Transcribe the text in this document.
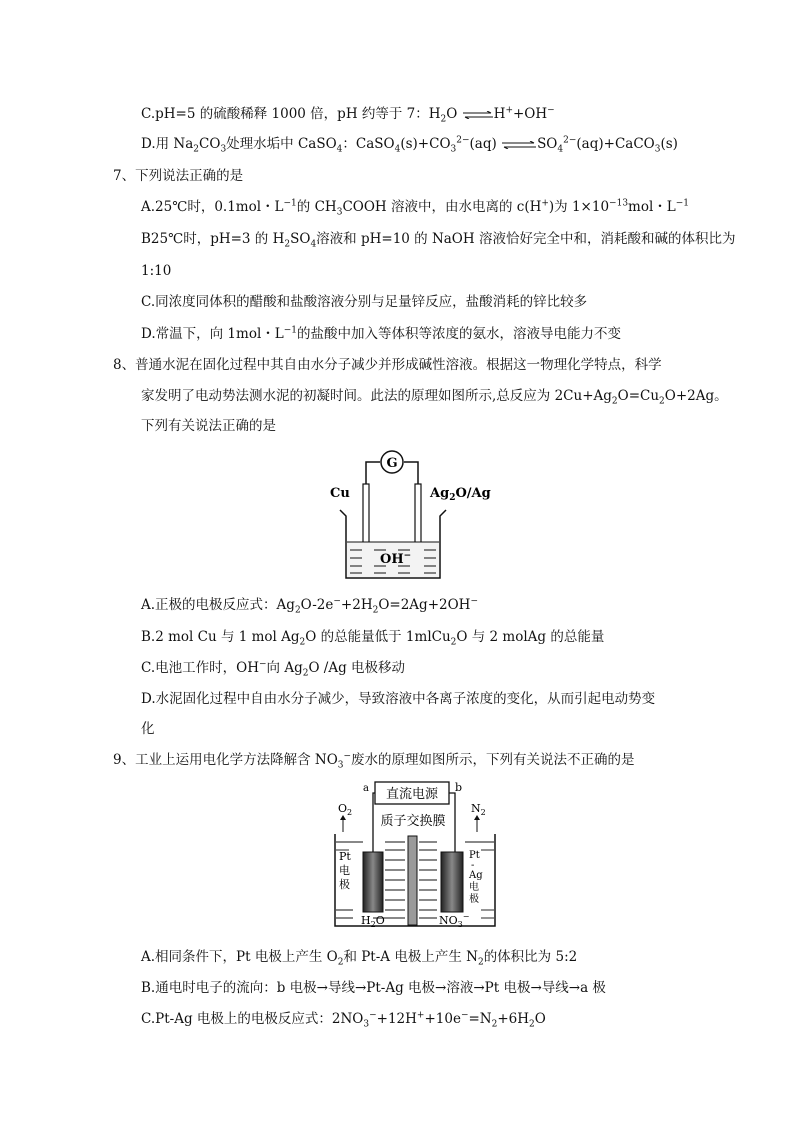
C.pH=5 的硫酸稀释 1000 倍，pH 约等于 7：$H_2O$ ⇌H++OH−
D.用 $Na_2CO_3$处理水垢中 CaSO$_4$：$CaSO_4(s)+CO_3^{2-}(aq)$ $\rightleftharpoons SO_4^{2-}(aq)+CaCO_3(s)$
7、下列说法正确的是
A.25℃时，0.1mol・$L^{-1}$的 $CH_3COOH$ 溶液中，由水电离的 c(H+)为 $1\times 10^{-13}mol$・$L^{-1}$
B25℃时，pH=3 的 $H_2SO_4$溶液和 pH=10 的 NaOH 溶液恰好完全中和，消耗酸和碱的体积比为
1:10
C.同浓度同体积的醋酸和盐酸溶液分别与足量锌反应，盐酸消耗的锌比较多
D.常温下，向 1mol・$L^{-1}$的盐酸中加入等体积等浓度的氨水，溶液导电能力不变
8、普通水泥在固化过程中其自由水分子减少并形成碱性溶液。根据这一物理化学特点，科学
家发明了电动势法测水泥的初凝时间。此法的原理如图所示,总反应为 $2Cu+Ag_2O=Cu_2O+2Ag$。
下列有关说法正确的是
G
Cu	$Ag_2O/Ag$
OH−
A.正极的电极反应式：$Ag_2O-2e^-+2H_2O=2Ag+2OH^-$
B.2 mol Cu 与 1 mol $Ag_2O$ 的总能量低于 1mlCu$_2$O 与 2 molAg 的总能量
C.电池工作时，OH−向 $Ag_2O$ /Ag 电极移动
D.水泥固化过程中自由水分子减少，导致溶液中各离子浓度的变化，从而引起电动势变
化
9、工业上运用电化学方法降解含 $NO_3^-$废水的原理如图所示，下列有关说法不正确的是
直流电源
a	b
质子交换膜
$O_2$	$N_2$
Pt 电 极
Pt - Ag 电 极
$H_2O$	$NO_3^-$
A.相同条件下，Pt 电极上产生 $O_2$和 Pt-A 电极上产生 $N_2$的体积比为 5:2
B.通电时电子的流向：b 电极→导线→Pt-Ag 电极→溶液→Pt 电极→导线→a 极
C.Pt-Ag 电极上的电极反应式：$2NO_3^-+12H^++10e^-=N_2+6H_2O$
